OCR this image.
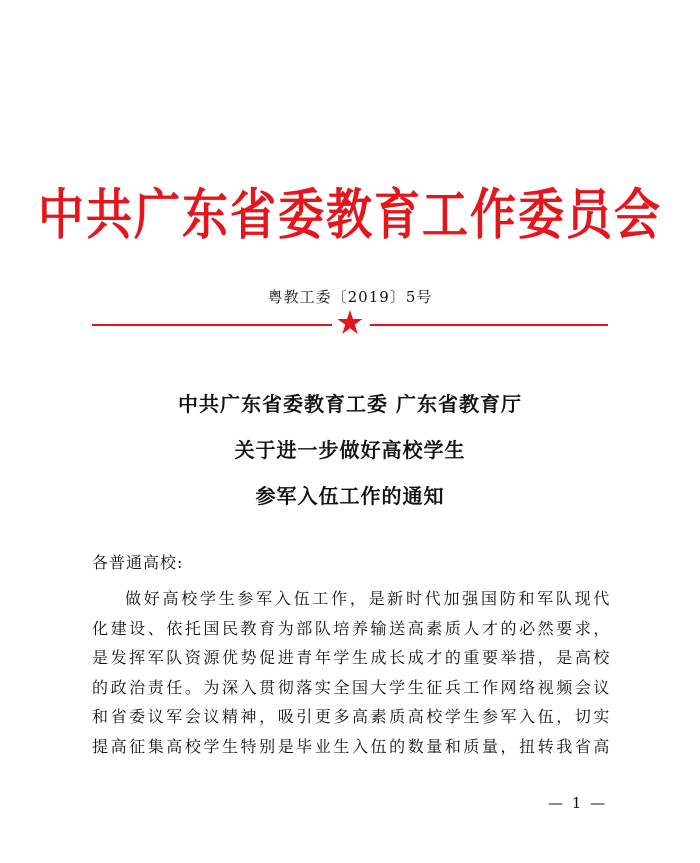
中共广东省委教育工作委员会
粤教工委〔2019〕5号
中共广东省委教育工委 广东省教育厅
关于进一步做好高校学生
参军入伍工作的通知
各普通高校:
做好高校学生参军入伍工作，是新时代加强国防和军队现代
化建设、依托国民教育为部队培养输送高素质人才的必然要求，
是发挥军队资源优势促进青年学生成长成才的重要举措，是高校
的政治责任。为深入贯彻落实全国大学生征兵工作网络视频会议
和省委议军会议精神，吸引更多高素质高校学生参军入伍，切实
提高征集高校学生特别是毕业生入伍的数量和质量，扭转我省高
— 1 —
